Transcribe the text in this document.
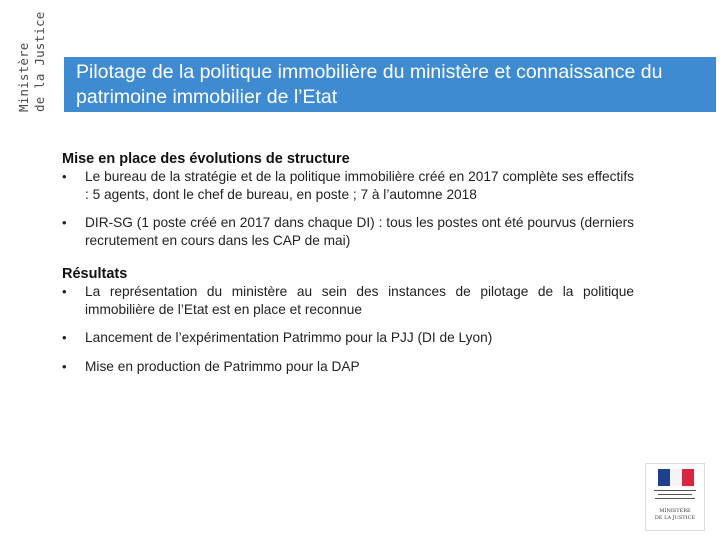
Ministère de la Justice Pilotage de la politique immobilière du ministère et connaissance du patrimoine immobilier de l’Etat
Mise en place des évolutions de structure
• Le bureau de la stratégie et de la politique immobilière créé en 2017 complète ses effectifs : 5 agents, dont le chef de bureau, en poste ; 7 à l’automne 2018
• DIR-SG (1 poste créé en 2017 dans chaque DI) : tous les postes ont été pourvus (derniers recrutement en cours dans les CAP de mai)
Résultats
• La représentation du ministère au sein des instances de pilotage de la politique immobilière de l’Etat est en place et reconnue
• Lancement de l’expérimentation Patrimmo pour la PJJ (DI de Lyon)
• Mise en production de Patrimmo pour la DAP
MINISTÈRE
DE LA JUSTICE
